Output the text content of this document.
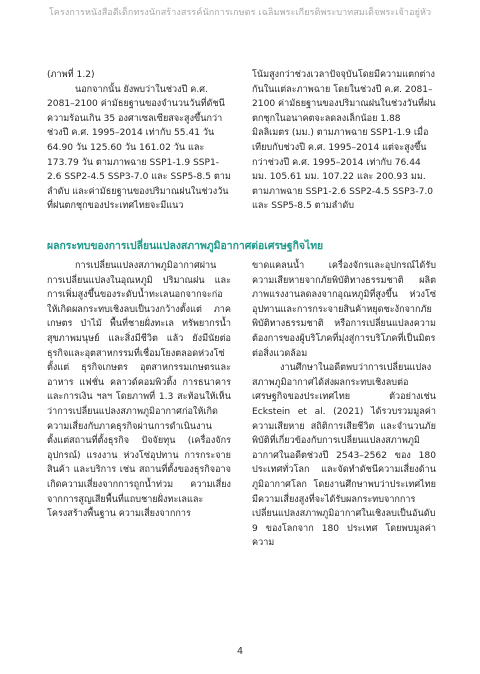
โครงการหนังสือดีเด็กทรงนักสร้างสรรค์นักการเกษตร เฉลิมพระเกียรติพระบาทสมเด็จพระเจ้าอยู่หัว

(ภาพที่ 1.2)

นอกจากนั้น ยังพบว่าในช่วงปี ค.ศ. 2081–2100 ค่ามัธยฐานของจำนวนวันที่ดัชนีความร้อนเกิน 35 องศาเซลเซียสจะสูงขึ้นกว่าช่วงปี ค.ศ. 1995–2014 เท่ากับ 55.41 วัน 64.90 วัน 125.60 วัน 161.02 วัน และ 173.79 วัน ตามภาพฉาย SSP1-1.9 SSP1-2.6 SSP2-4.5 SSP3-7.0 และ SSP5-8.5 ตามลำดับ และค่ามัธยฐานของปริมาณฝนในช่วงวันที่ฝนตกชุกของประเทศไทยจะมีแนว

โน้มสูงกว่าช่วงเวลาปัจจุบันโดยมีความแตกต่างกันในแต่ละภาพฉาย โดยในช่วงปี ค.ศ. 2081–2100 ค่ามัธยฐานของปริมาณฝนในช่วงวันที่ฝนตกชุกในอนาคตจะลดลงเล็กน้อย 1.88 มิลลิเมตร (มม.) ตามภาพฉาย SSP1-1.9 เมื่อเทียบกับช่วงปี ค.ศ. 1995–2014 แต่จะสูงขึ้นกว่าช่วงปี ค.ศ. 1995–2014 เท่ากับ 76.44 มม. 105.61 มม. 107.22 และ 200.93 มม. ตามภาพฉาย SSP1-2.6 SSP2-4.5 SSP3-7.0 และ SSP5-8.5 ตามลำดับ

ผลกระทบของการเปลี่ยนแปลงสภาพภูมิอากาศต่อเศรษฐกิจไทย

การเปลี่ยนแปลงสภาพภูมิอากาศผ่านการเปลี่ยนแปลงในอุณหภูมิ ปริมาณฝน และการเพิ่มสูงขึ้นของระดับน้ำทะเลนอกจากจะก่อให้เกิดผลกระทบเชิงลบเป็นวงกว้างตั้งแต่ ภาคเกษตร ป่าไม้ พื้นที่ชายฝั่งทะเล ทรัพยากรน้ำ สุขภาพมนุษย์ และสิ่งมีชีวิต แล้ว ยังมีนัยต่อธุรกิจและอุตสาหกรรมที่เชื่อมโยงตลอดห่วงโซ่ตั้งแต่ ธุรกิจเกษตร อุตสาหกรรมเกษตรและอาหาร แฟชั่น คลาวด์คอมพิวติ้ง การธนาคารและการเงิน ฯลฯ โดยภาพที่ 1.3 สะท้อนให้เห็นว่าการเปลี่ยนแปลงสภาพภูมิอากาศก่อให้เกิดความเสี่ยงกับภาคธุรกิจผ่านการดำเนินงานตั้งแต่สถานที่ตั้งธุรกิจ ปัจจัยทุน (เครื่องจักร อุปกรณ์) แรงงาน ห่วงโซ่อุปทาน การกระจายสินค้า และบริการ เช่น สถานที่ตั้งของธุรกิจอาจเกิดความเสี่ยงจากการถูกน้ำท่วม ความเสี่ยงจากการสูญเสียพื้นที่แถบชายฝั่งทะเลและโครงสร้างพื้นฐาน ความเสี่ยงจากการ

ขาดแคลนน้ำ เครื่องจักรและอุปกรณ์ได้รับความเสียหายจากภัยพิบัติทางธรรมชาติ ผลิตภาพแรงงานลดลงจากอุณหภูมิที่สูงขึ้น ห่วงโซ่อุปทานและการกระจายสินค้าหยุดชะงักจากภัยพิบัติทางธรรมชาติ หรือการเปลี่ยนแปลงความต้องการของผู้บริโภคที่มุ่งสู่การบริโภคที่เป็นมิตรต่อสิ่งแวดล้อม

งานศึกษาในอดีตพบว่าการเปลี่ยนแปลงสภาพภูมิอากาศได้ส่งผลกระทบเชิงลบต่อเศรษฐกิจของประเทศไทย ตัวอย่างเช่น Eckstein et al. (2021) ได้รวบรวมมูลค่าความเสียหาย สถิติการเสียชีวิต และจำนวนภัยพิบัติที่เกี่ยวข้องกับการเปลี่ยนแปลงสภาพภูมิอากาศในอดีตช่วงปี 2543–2562 ของ 180 ประเทศทั่วโลก และจัดทำดัชนีความเสี่ยงด้านภูมิอากาศโลก โดยงานศึกษาพบว่าประเทศไทยมีความเสี่ยงสูงที่จะได้รับผลกระทบจากการเปลี่ยนแปลงสภาพภูมิอากาศในเชิงลบเป็นอันดับ 9 ของโลกจาก 180 ประเทศ โดยพบมูลค่าความ

4
